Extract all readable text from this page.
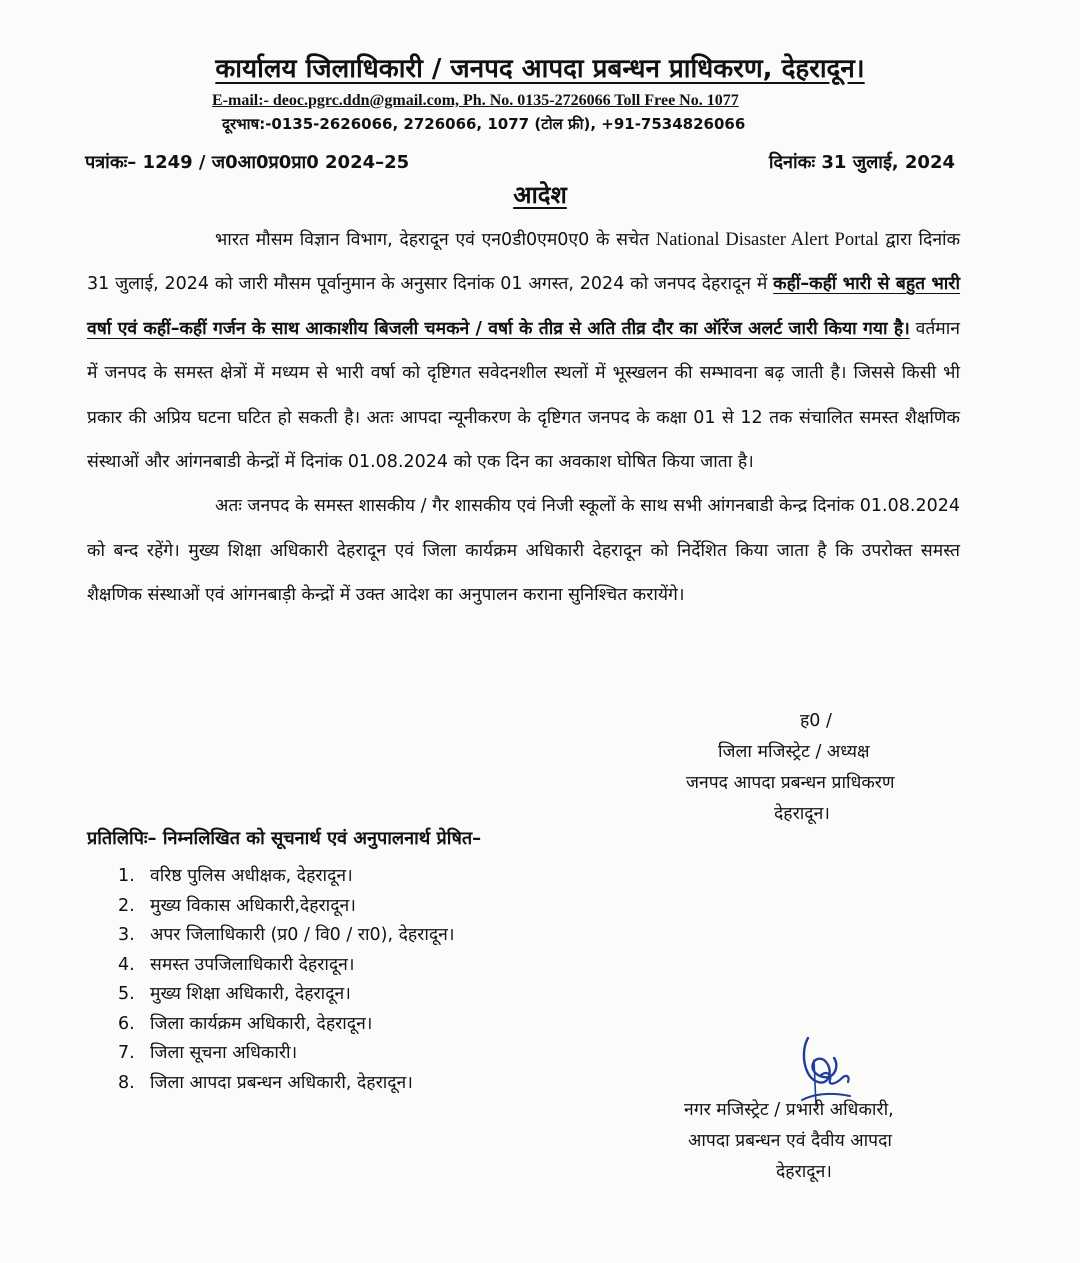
कार्यालय जिलाधिकारी / जनपद आपदा प्रबन्धन प्राधिकरण, देहरादून।
E-mail:- deoc.pgrc.ddn@gmail.com, Ph. No. 0135-2726066 Toll Free No. 1077
दूरभाष:-0135-2626066, 2726066, 1077 (टोल फ्री), +91-7534826066
पत्रांकः– 1249 / ज0आ0प्र0प्रा0 2024–25	दिनांकः 31 जुलाई, 2024
आदेश

भारत मौसम विज्ञान विभाग, देहरादून एवं एन0डी0एम0ए0 के सचेत National Disaster Alert Portal द्वारा दिनांक 31 जुलाई, 2024 को जारी मौसम पूर्वानुमान के अनुसार दिनांक 01 अगस्त, 2024 को जनपद देहरादून में कहीं–कहीं भारी से बहुत भारी वर्षा एवं कहीं–कहीं गर्जन के साथ आकाशीय बिजली चमकने / वर्षा के तीव्र से अति तीव्र दौर का ऑरेंज अलर्ट जारी किया गया है। वर्तमान में जनपद के समस्त क्षेत्रों में मध्यम से भारी वर्षा को दृष्टिगत सवेदनशील स्थलों में भूस्खलन की सम्भावना बढ़ जाती है। जिससे किसी भी प्रकार की अप्रिय घटना घटित हो सकती है। अतः आपदा न्यूनीकरण के दृष्टिगत जनपद के कक्षा 01 से 12 तक संचालित समस्त शैक्षणिक संस्थाओं और आंगनबाडी केन्द्रों में दिनांक 01.08.2024 को एक दिन का अवकाश घोषित किया जाता है।

अतः जनपद के समस्त शासकीय / गैर शासकीय एवं निजी स्कूलों के साथ सभी आंगनबाडी केन्द्र दिनांक 01.08.2024 को बन्द रहेंगे। मुख्य शिक्षा अधिकारी देहरादून एवं जिला कार्यक्रम अधिकारी देहरादून को निर्देशित किया जाता है कि उपरोक्त समस्त शैक्षणिक संस्थाओं एवं आंगनबाड़ी केन्द्रों में उक्त आदेश का अनुपालन कराना सुनिश्चित करायेंगे।

ह0 /
जिला मजिस्ट्रेट / अध्यक्ष
जनपद आपदा प्रबन्धन प्राधिकरण
देहरादून।
प्रतिलिपिः– निम्नलिखित को सूचनार्थ एवं अनुपालनार्थ प्रेषित–
1. वरिष्ठ पुलिस अधीक्षक, देहरादून।
2. मुख्य विकास अधिकारी,देहरादून।
3. अपर जिलाधिकारी (प्र0 / वि0 / रा0), देहरादून।
4. समस्त उपजिलाधिकारी देहरादून।
5. मुख्य शिक्षा अधिकारी, देहरादून।
6. जिला कार्यक्रम अधिकारी, देहरादून।
7. जिला सूचना अधिकारी।
8. जिला आपदा प्रबन्धन अधिकारी, देहरादून।
नगर मजिस्ट्रेट / प्रभारी अधिकारी,
आपदा प्रबन्धन एवं दैवीय आपदा
देहरादून।
